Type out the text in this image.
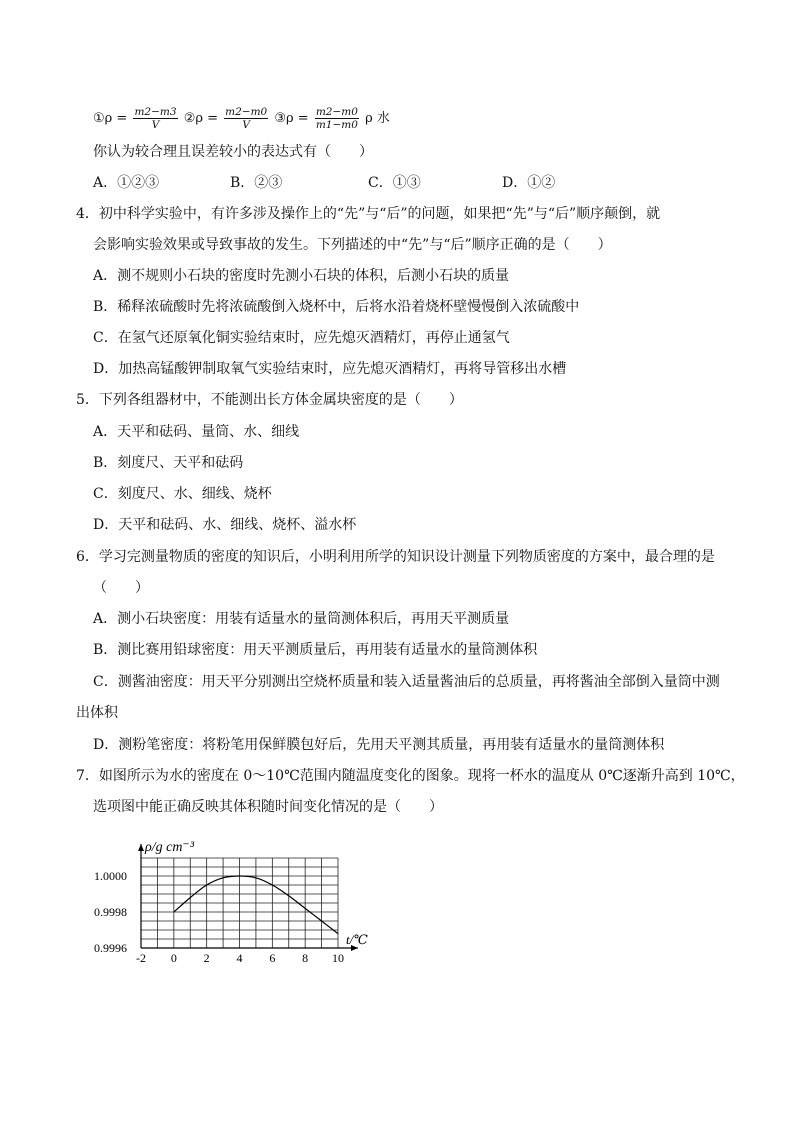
①ρ = $\frac{m2-m3}{V}$ ②ρ = $\frac{m2-m0}{V}$ ③ρ = $\frac{m2-m0}{m1-m0}$ ρ 水
你认为较合理且误差较小的表达式有（　　）
A．①②③	B．②③	C．①③	D．①②
4．初中科学实验中，有许多涉及操作上的“先”与“后”的问题，如果把“先”与“后”顺序颠倒，就
会影响实验效果或导致事故的发生。下列描述的中“先”与“后”顺序正确的是（　　）
A．测不规则小石块的密度时先测小石块的体积，后测小石块的质量
B．稀释浓硫酸时先将浓硫酸倒入烧杯中，后将水沿着烧杯壁慢慢倒入浓硫酸中
C．在氢气还原氧化铜实验结束时，应先熄灭酒精灯，再停止通氢气
D．加热高锰酸钾制取氧气实验结束时，应先熄灭酒精灯，再将导管移出水槽
5．下列各组器材中，不能测出长方体金属块密度的是（　　）
A．天平和砝码、量筒、水、细线
B．刻度尺、天平和砝码
C．刻度尺、水、细线、烧杯
D．天平和砝码、水、细线、烧杯、溢水杯
6．学习完测量物质的密度的知识后，小明利用所学的知识设计测量下列物质密度的方案中，最合理的是
（　　）
A．测小石块密度：用装有适量水的量筒测体积后，再用天平测质量
B．测比赛用铅球密度：用天平测质量后，再用装有适量水的量筒测体积
C．测酱油密度：用天平分别测出空烧杯质量和装入适量酱油后的总质量，再将酱油全部倒入量筒中测
出体积
D．测粉笔密度：将粉笔用保鲜膜包好后，先用天平测其质量，再用装有适量水的量筒测体积
7．如图所示为水的密度在 0～10℃范围内随温度变化的图象。现将一杯水的温度从 0℃逐渐升高到 10℃，
选项图中能正确反映其体积随时间变化情况的是（　　）
-2 0 2 4 6 8 10
0.9996
0.9998
1.0000
ρ/g cm⁻³
t/℃
